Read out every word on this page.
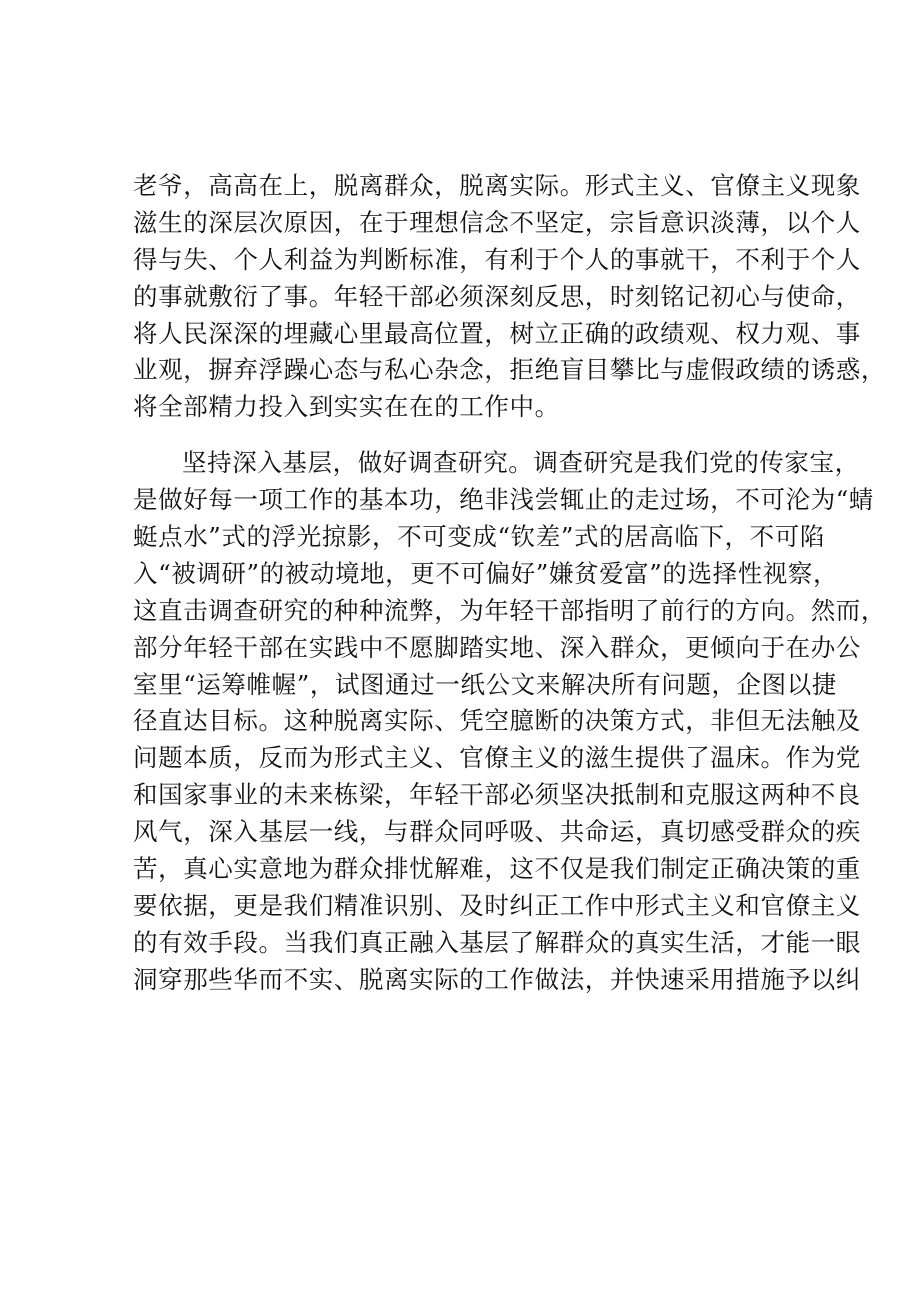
老爷，高高在上，脱离群众，脱离实际。形式主义、官僚主义现象
滋生的深层次原因，在于理想信念不坚定，宗旨意识淡薄，以个人
得与失、个人利益为判断标准，有利于个人的事就干，不利于个人
的事就敷衍了事。年轻干部必须深刻反思，时刻铭记初心与使命，
将人民深深的埋藏心里最高位置，树立正确的政绩观、权力观、事
业观，摒弃浮躁心态与私心杂念，拒绝盲目攀比与虚假政绩的诱惑，
将全部精力投入到实实在在的工作中。
坚持深入基层，做好调查研究。调查研究是我们党的传家宝，
是做好每一项工作的基本功，绝非浅尝辄止的走过场，不可沦为“蜻
蜓点水”式的浮光掠影，不可变成“钦差”式的居高临下，不可陷
入“被调研”的被动境地，更不可偏好”嫌贫爱富”的选择性视察，
这直击调查研究的种种流弊，为年轻干部指明了前行的方向。然而，
部分年轻干部在实践中不愿脚踏实地、深入群众，更倾向于在办公
室里“运筹帷幄”，试图通过一纸公文来解决所有问题，企图以捷
径直达目标。这种脱离实际、凭空臆断的决策方式，非但无法触及
问题本质，反而为形式主义、官僚主义的滋生提供了温床。作为党
和国家事业的未来栋梁，年轻干部必须坚决抵制和克服这两种不良
风气，深入基层一线，与群众同呼吸、共命运，真切感受群众的疾
苦，真心实意地为群众排忧解难，这不仅是我们制定正确决策的重
要依据，更是我们精准识别、及时纠正工作中形式主义和官僚主义
的有效手段。当我们真正融入基层了解群众的真实生活，才能一眼
洞穿那些华而不实、脱离实际的工作做法，并快速采用措施予以纠
